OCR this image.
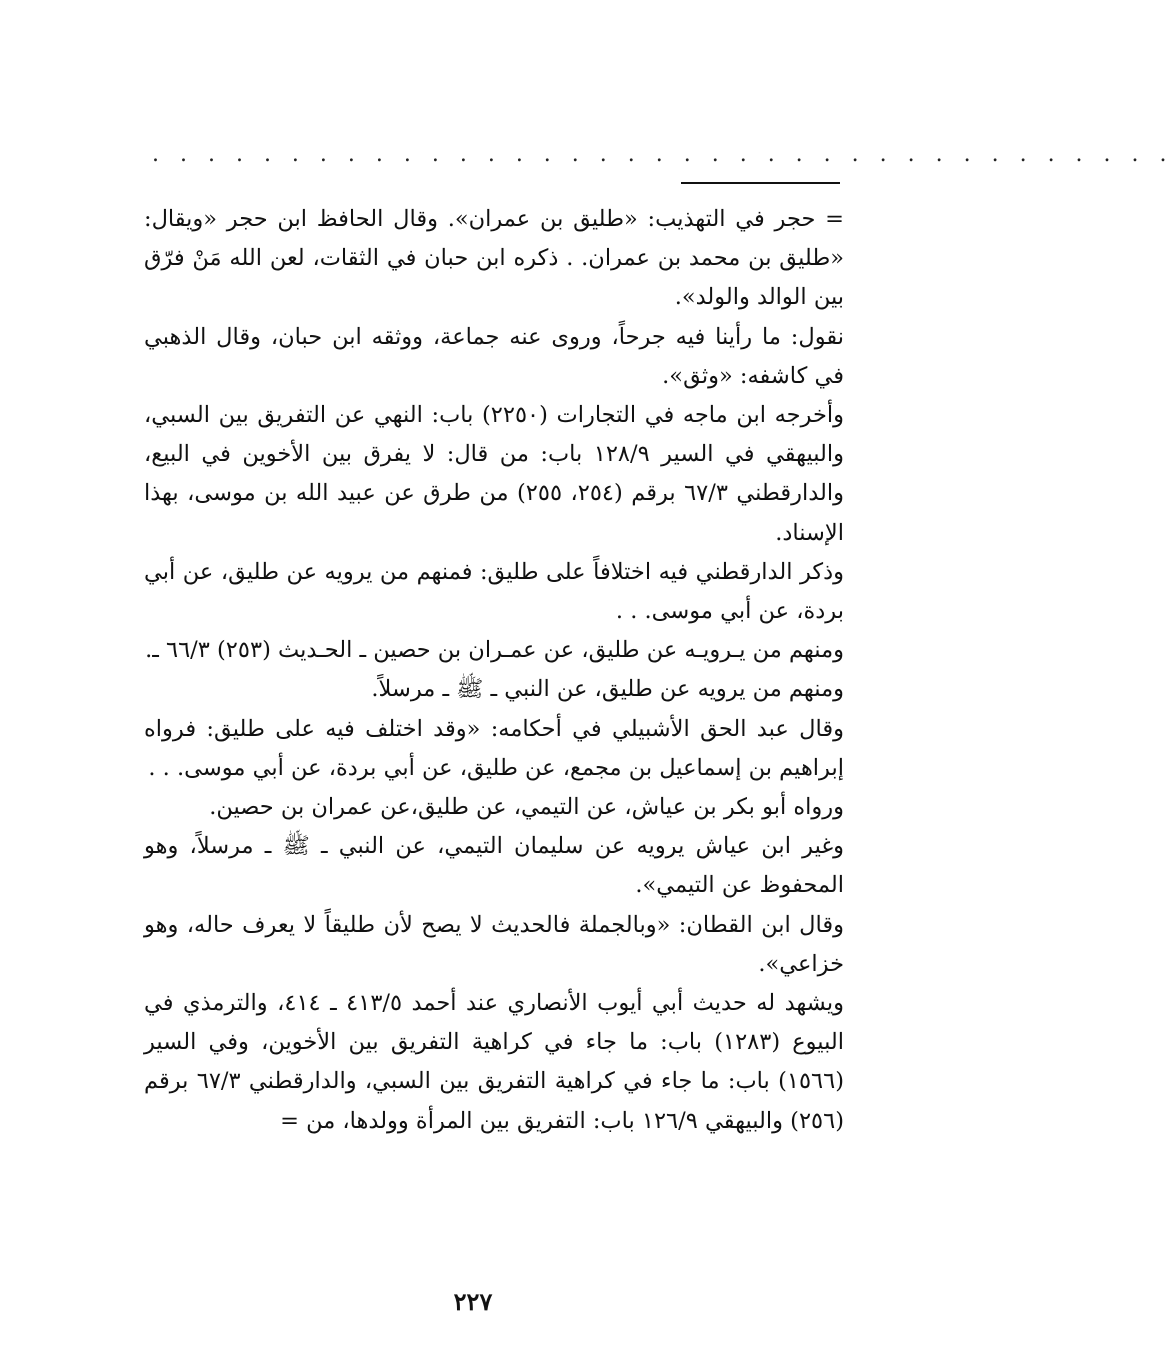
. . . . . . . . . . . . . . . . . . . . . . . . . . . . . . . . . . . . .

= حجر في التهذيب: «طليق بن عمران». وقال الحافظ ابن حجر «ويقال: «طليق بن محمد بن عمران. . ذكره ابن حبان في الثقات، لعن الله مَنْ فرّق بين الوالد والولد».

نقول: ما رأينا فيه جرحاً، وروى عنه جماعة، ووثقه ابن حبان، وقال الذهبي في كاشفه: «وثق».

وأخرجه ابن ماجه في التجارات (٢٢٥٠) باب: النهي عن التفريق بين السبي، والبيهقي في السير ١٢٨/٩ باب: من قال: لا يفرق بين الأخوين في البيع، والدارقطني ٦٧/٣ برقم (٢٥٤، ٢٥٥) من طرق عن عبيد الله بن موسى، بهذا الإسناد.

وذكر الدارقطني فيه اختلافاً على طليق: فمنهم من يرويه عن طليق، عن أبي بردة، عن أبي موسى. . .

ومنهم من يـرويـه عن طليق، عن عمـران بن حصين ـ الحـديث (٢٥٣) ٦٦/٣ ـ.

ومنهم من يرويه عن طليق، عن النبي ـ ﷺ ـ مرسلاً.

وقال عبد الحق الأشبيلي في أحكامه: «وقد اختلف فيه على طليق: فرواه إبراهيم بن إسماعيل بن مجمع، عن طليق، عن أبي بردة، عن أبي موسى. . .

ورواه أبو بكر بن عياش، عن التيمي، عن طليق،عن عمران بن حصين.

وغير ابن عياش يرويه عن سليمان التيمي، عن النبي ـ ﷺ ـ مرسلاً، وهو المحفوظ عن التيمي».

وقال ابن القطان: «وبالجملة فالحديث لا يصح لأن طليقاً لا يعرف حاله، وهو خزاعي».

ويشهد له حديث أبي أيوب الأنصاري عند أحمد ٤١٣/٥ ـ ٤١٤، والترمذي في البيوع (١٢٨٣) باب: ما جاء في كراهية التفريق بين الأخوين، وفي السير (١٥٦٦) باب: ما جاء في كراهية التفريق بين السبي، والدارقطني ٦٧/٣ برقم (٢٥٦) والبيهقي ١٢٦/٩ باب: التفريق بين المرأة وولدها، من =

٢٢٧
